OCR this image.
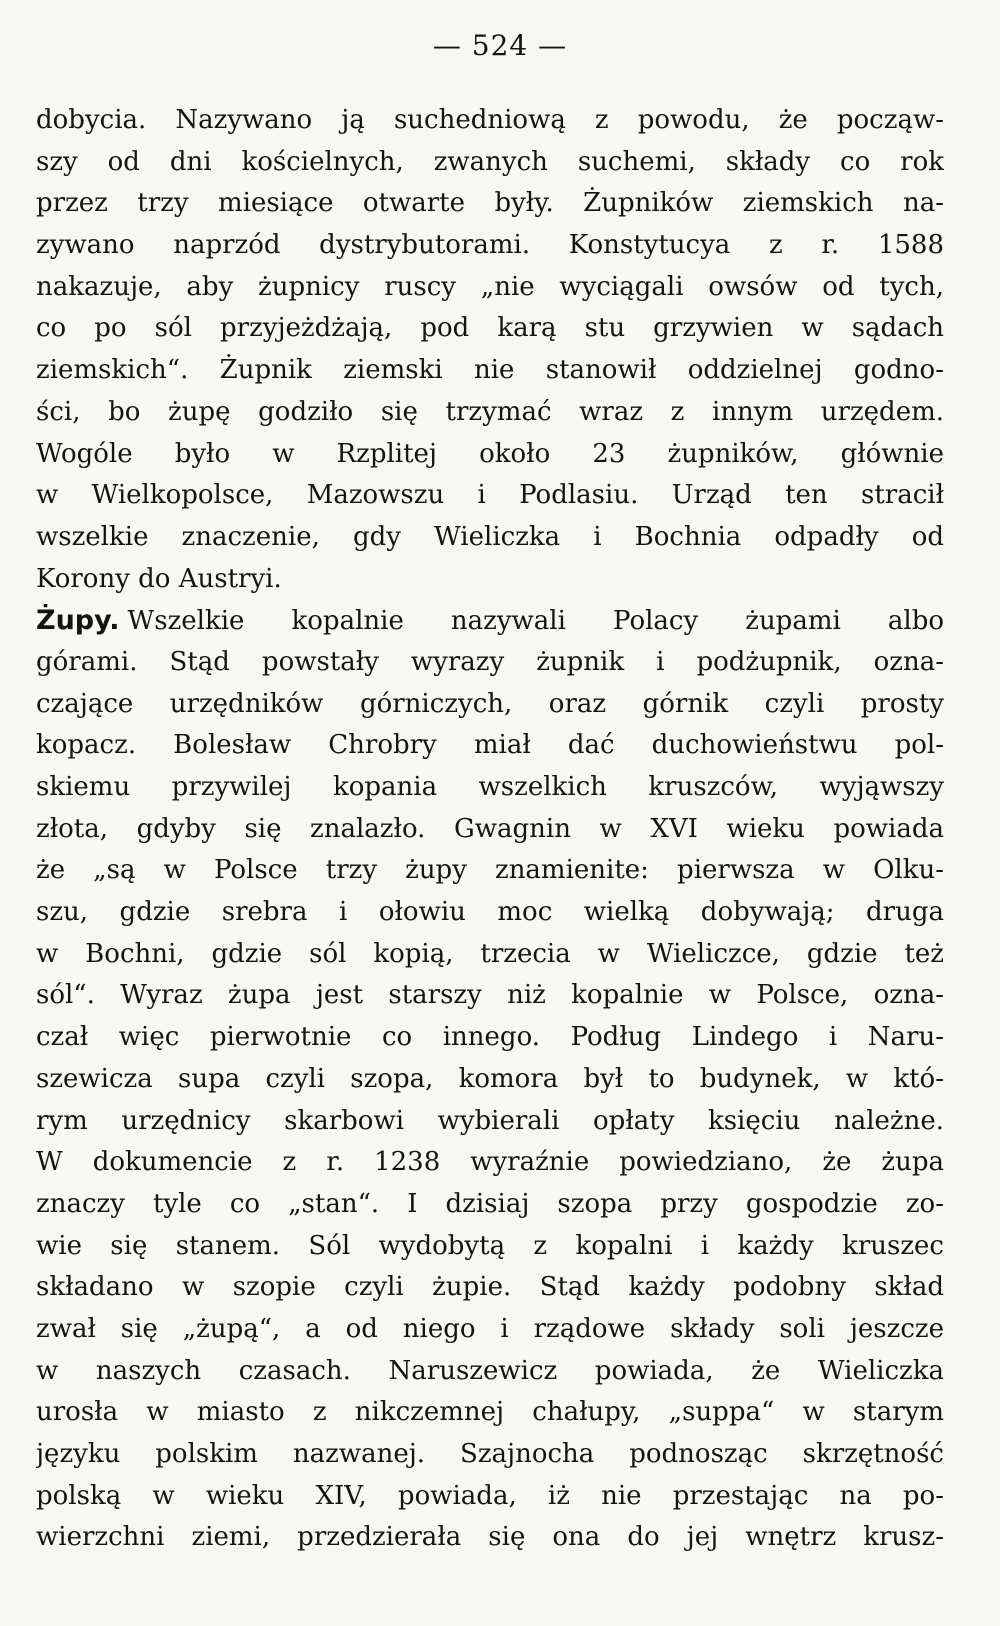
— 524 —
dobycia. Nazywano ją suchedniową z powodu, że począw-
szy od dni kościelnych, zwanych suchemi, składy co rok
przez trzy miesiące otwarte były. Żupników ziemskich na-
zywano naprzód dystrybutorami. Konstytucya z r. 1588
nakazuje, aby żupnicy ruscy „nie wyciągali owsów od tych,
co po sól przyjeżdżają, pod karą stu grzywien w sądach
ziemskich“. Żupnik ziemski nie stanowił oddzielnej godno-
ści, bo żupę godziło się trzymać wraz z innym urzędem.
Wogóle było w Rzplitej około 23 żupników, głównie
w Wielkopolsce, Mazowszu i Podlasiu. Urząd ten stracił
wszelkie znaczenie, gdy Wieliczka i Bochnia odpadły od
Korony do Austryi.
Żupy. Wszelkie kopalnie nazywali Polacy żupami albo
górami. Stąd powstały wyrazy żupnik i podżupnik, ozna-
czające urzędników górniczych, oraz górnik czyli prosty
kopacz. Bolesław Chrobry miał dać duchowieństwu pol-
skiemu przywilej kopania wszelkich kruszców, wyjąwszy
złota, gdyby się znalazło. Gwagnin w XVI wieku powiada
że „są w Polsce trzy żupy znamienite: pierwsza w Olku-
szu, gdzie srebra i ołowiu moc wielką dobywają; druga
w Bochni, gdzie sól kopią, trzecia w Wieliczce, gdzie też
sól“. Wyraz żupa jest starszy niż kopalnie w Polsce, ozna-
czał więc pierwotnie co innego. Podług Lindego i Naru-
szewicza supa czyli szopa, komora był to budynek, w któ-
rym urzędnicy skarbowi wybierali opłaty księciu należne.
W dokumencie z r. 1238 wyraźnie powiedziano, że żupa
znaczy tyle co „stan“. I dzisiaj szopa przy gospodzie zo-
wie się stanem. Sól wydobytą z kopalni i każdy kruszec
składano w szopie czyli żupie. Stąd każdy podobny skład
zwał się „żupą“, a od niego i rządowe składy soli jeszcze
w naszych czasach. Naruszewicz powiada, że Wieliczka
urosła w miasto z nikczemnej chałupy, „suppa“ w starym
języku polskim nazwanej. Szajnocha podnosząc skrzętność
polską w wieku XIV, powiada, iż nie przestając na po-
wierzchni ziemi, przedzierała się ona do jej wnętrz krusz-
